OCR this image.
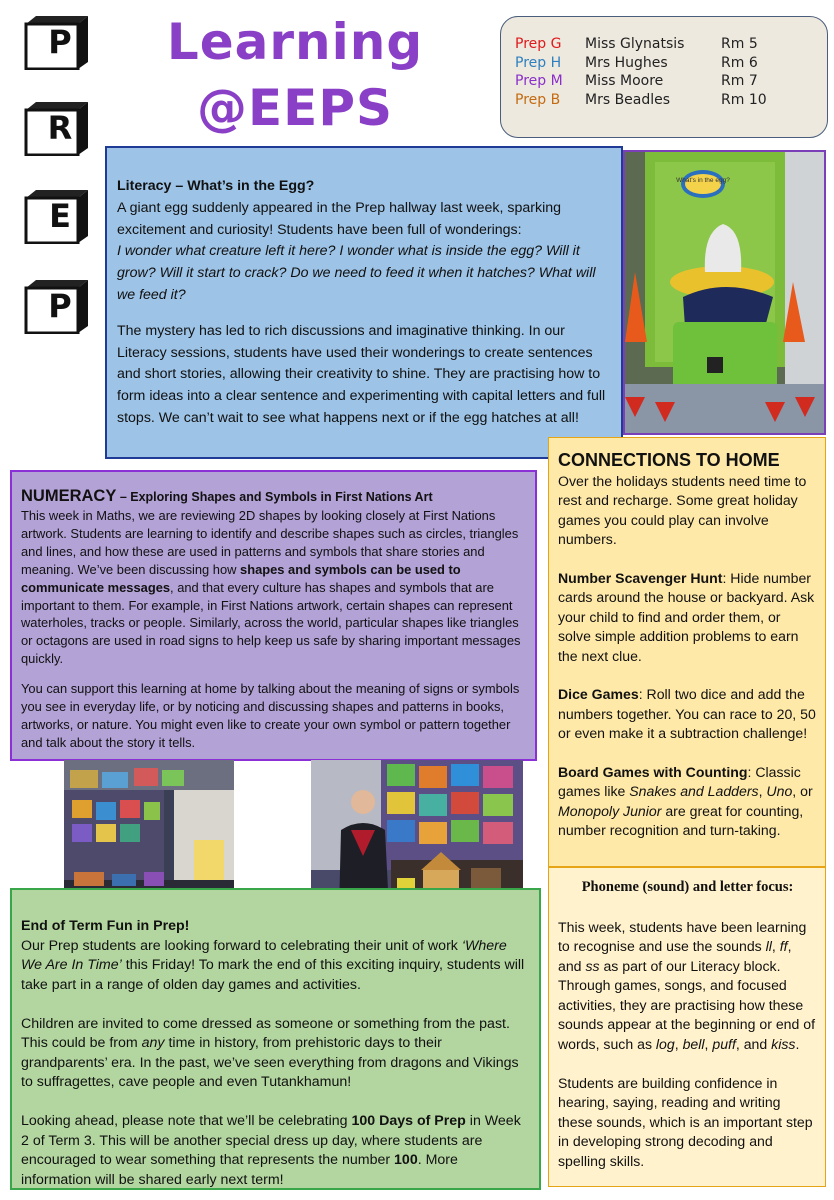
P
R
E
P
Learning
@EEPS
Prep G	Miss Glynatsis	Rm 5
Prep H	Mrs Hughes	Rm 6
Prep M	Miss Moore	Rm 7
Prep B	Mrs Beadles	Rm 10

Literacy – What’s in the Egg?
A giant egg suddenly appeared in the Prep hallway last week, sparking excitement and curiosity! Students have been full of wonderings:
I wonder what creature left it here? I wonder what is inside the egg? Will it grow? Will it start to crack? Do we need to feed it when it hatches? What will we feed it?

The mystery has led to rich discussions and imaginative thinking. In our Literacy sessions, students have used their wonderings to create sentences and short stories, allowing their creativity to shine. They are practising how to form ideas into a clear sentence and experimenting with capital letters and full stops. We can’t wait to see what happens next or if the egg hatches at all!

What's in the egg?
NUMERACY – Exploring Shapes and Symbols in First Nations Art

This week in Maths, we are reviewing 2D shapes by looking closely at First Nations artwork. Students are learning to identify and describe shapes such as circles, triangles and lines, and how these are used in patterns and symbols that share stories and meaning. We’ve been discussing how shapes and symbols can be used to communicate messages, and that every culture has shapes and symbols that are important to them. For example, in First Nations artwork, certain shapes can represent waterholes, tracks or people. Similarly, across the world, particular shapes like triangles or octagons are used in road signs to help keep us safe by sharing important messages quickly.

You can support this learning at home by talking about the meaning of signs or symbols you see in everyday life, or by noticing and discussing shapes and patterns in books, artworks, or nature. You might even like to create your own symbol or pattern together and talk about the story it tells.

CONNECTIONS TO HOME

Over the holidays students need time to rest and recharge. Some great holiday games you could play can involve numbers.

Number Scavenger Hunt: Hide number cards around the house or backyard. Ask your child to find and order them, or solve simple addition problems to earn the next clue.

Dice Games: Roll two dice and add the numbers together. You can race to 20, 50 or even make it a subtraction challenge!

Board Games with Counting: Classic games like Snakes and Ladders, Uno, or Monopoly Junior are great for counting, number recognition and turn-taking.

Phoneme (sound) and letter focus:

This week, students have been learning to recognise and use the sounds ll, ff, and ss as part of our Literacy block. Through games, songs, and focused activities, they are practising how these sounds appear at the beginning or end of words, such as log, bell, puff, and kiss.

Students are building confidence in hearing, saying, reading and writing these sounds, which is an important step in developing strong decoding and spelling skills.

End of Term Fun in Prep!
Our Prep students are looking forward to celebrating their unit of work ‘Where We Are In Time’ this Friday! To mark the end of this exciting inquiry, students will take part in a range of olden day games and activities.

Children are invited to come dressed as someone or something from the past. This could be from any time in history, from prehistoric days to their grandparents’ era. In the past, we’ve seen everything from dragons and Vikings to suffragettes, cave people and even Tutankhamun!

Looking ahead, please note that we’ll be celebrating 100 Days of Prep in Week 2 of Term 3. This will be another special dress up day, where students are encouraged to wear something that represents the number 100. More information will be shared early next term!
